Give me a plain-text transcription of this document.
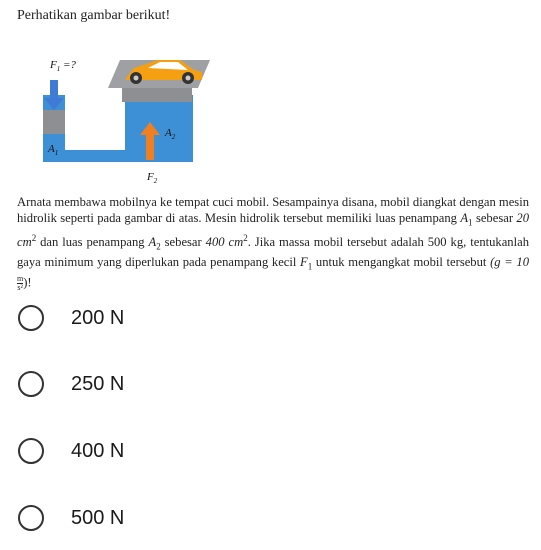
Perhatikan gambar berikut!
$F_1$ =?
$A_1$
$A_2$
$F_2$
Arnata membawa mobilnya ke tempat cuci mobil. Sesampainya disana, mobil diangkat dengan mesin hidrolik seperti pada gambar di atas. Mesin hidrolik tersebut memiliki luas penampang $A_1$ sebesar 20 $cm^2$ dan luas penampang $A_2$ sebesar 400 $cm^2$. Jika massa mobil tersebut adalah 500 kg, tentukanlah gaya minimum yang diperlukan pada penampang kecil $F_1$ untuk mengangkat mobil tersebut (g = 10
$\frac{m}{\text{s²}}$ )!
200 N
250 N
400 N
500 N
